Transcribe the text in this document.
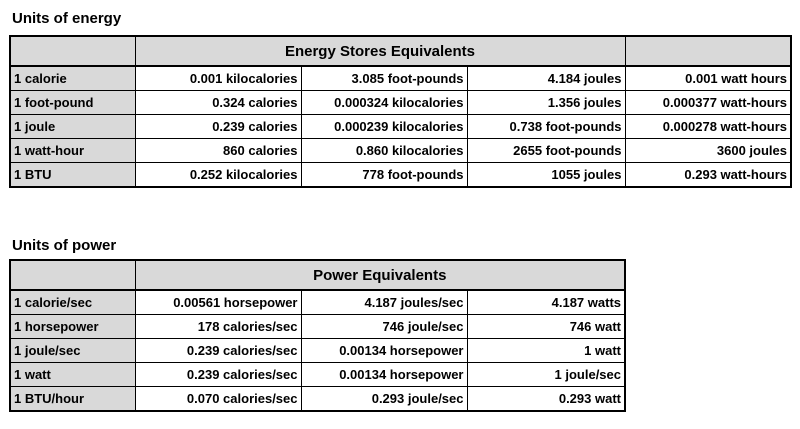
Units of energy
	Energy Stores Equivalents			
1 calorie	0.001 kilocalories	3.085 foot-pounds	4.184 joules	0.001 watt hours
1 foot-pound	0.324 calories	0.000324 kilocalories	1.356 joules	0.000377 watt-hours
1 joule	0.239 calories	0.000239 kilocalories	0.738 foot-pounds	0.000278 watt-hours
1 watt-hour	860 calories	0.860 kilocalories	2655 foot-pounds	3600 joules
1 BTU	0.252 kilocalories	778 foot-pounds	1055 joules	0.293 watt-hours
Units of power
	Power Equivalents		
1 calorie/sec	0.00561 horsepower	4.187 joules/sec	4.187 watts
1 horsepower	178 calories/sec	746 joule/sec	746 watt
1 joule/sec	0.239 calories/sec	0.00134 horsepower	1 watt
1 watt	0.239 calories/sec	0.00134 horsepower	1 joule/sec
1 BTU/hour	0.070 calories/sec	0.293 joule/sec	0.293 watt
